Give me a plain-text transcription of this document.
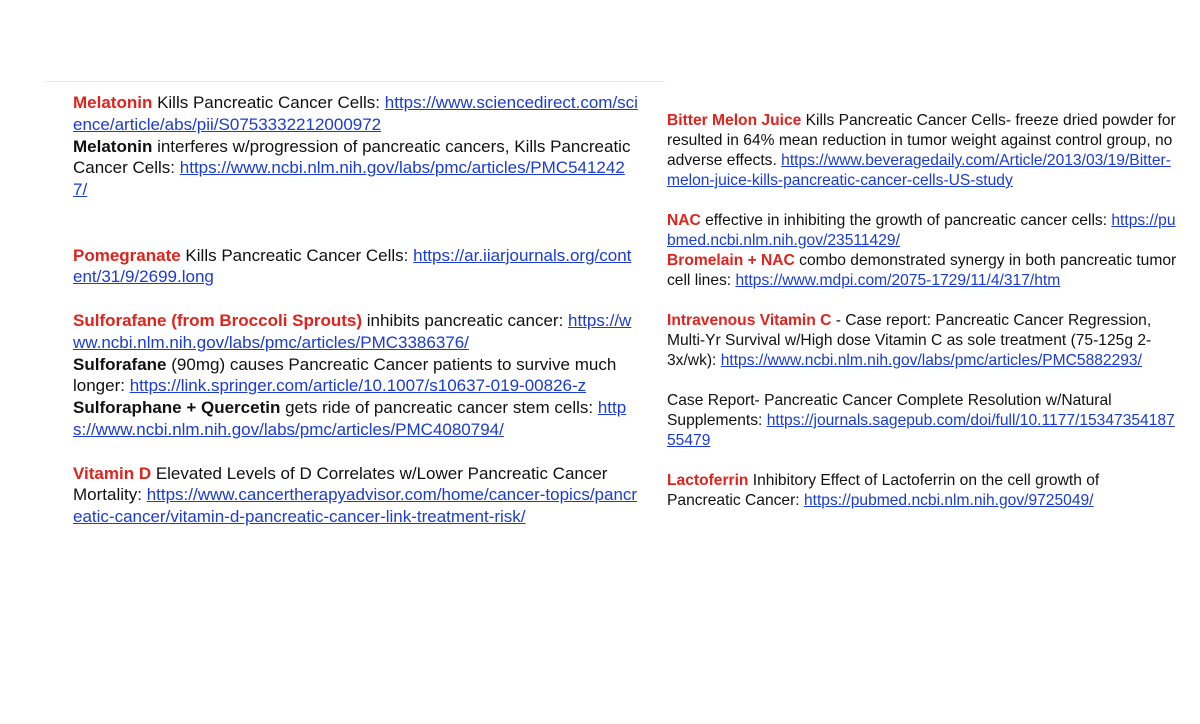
Melatonin Kills Pancreatic Cancer Cells: https://www.sciencedirect.com/science/article/abs/pii/S0753332212000972

Melatonin interferes w/progression of pancreatic cancers, Kills Pancreatic Cancer Cells: https://www.ncbi.nlm.nih.gov/labs/pmc/articles/PMC5412427/

Pomegranate Kills Pancreatic Cancer Cells: https://ar.iiarjournals.org/content/31/9/2699.long

Sulforafane (from Broccoli Sprouts) inhibits pancreatic cancer: https://www.ncbi.nlm.nih.gov/labs/pmc/articles/PMC3386376/

Sulforafane (90mg) causes Pancreatic Cancer patients to survive much longer: https://link.springer.com/article/10.1007/s10637-019-00826-z

Sulforaphane + Quercetin gets ride of pancreatic cancer stem cells: https://www.ncbi.nlm.nih.gov/labs/pmc/articles/PMC4080794/

Vitamin D Elevated Levels of D Correlates w/Lower Pancreatic Cancer Mortality: https://www.cancertherapyadvisor.com/home/cancer-topics/pancreatic-cancer/vitamin-d-pancreatic-cancer-link-treatment-risk/

Bitter Melon Juice Kills Pancreatic Cancer Cells- freeze dried powder for resulted in 64% mean reduction in tumor weight against control group, no adverse effects. https://www.beveragedaily.com/Article/2013/03/19/Bitter-melon-juice-kills-pancreatic-cancer-cells-US-study

NAC effective in inhibiting the growth of pancreatic cancer cells: https://pubmed.ncbi.nlm.nih.gov/23511429/

Bromelain + NAC combo demonstrated synergy in both pancreatic tumor cell lines: https://www.mdpi.com/2075-1729/11/4/317/htm

Intravenous Vitamin C - Case report: Pancreatic Cancer Regression, Multi-Yr Survival w/High dose Vitamin C as sole treatment (75-125g 2-3x/wk): https://www.ncbi.nlm.nih.gov/labs/pmc/articles/PMC5882293/

Case Report- Pancreatic Cancer Complete Resolution w/Natural Supplements: https://journals.sagepub.com/doi/full/10.1177/1534735418755479

Lactoferrin Inhibitory Effect of Lactoferrin on the cell growth of Pancreatic Cancer: https://pubmed.ncbi.nlm.nih.gov/9725049/
